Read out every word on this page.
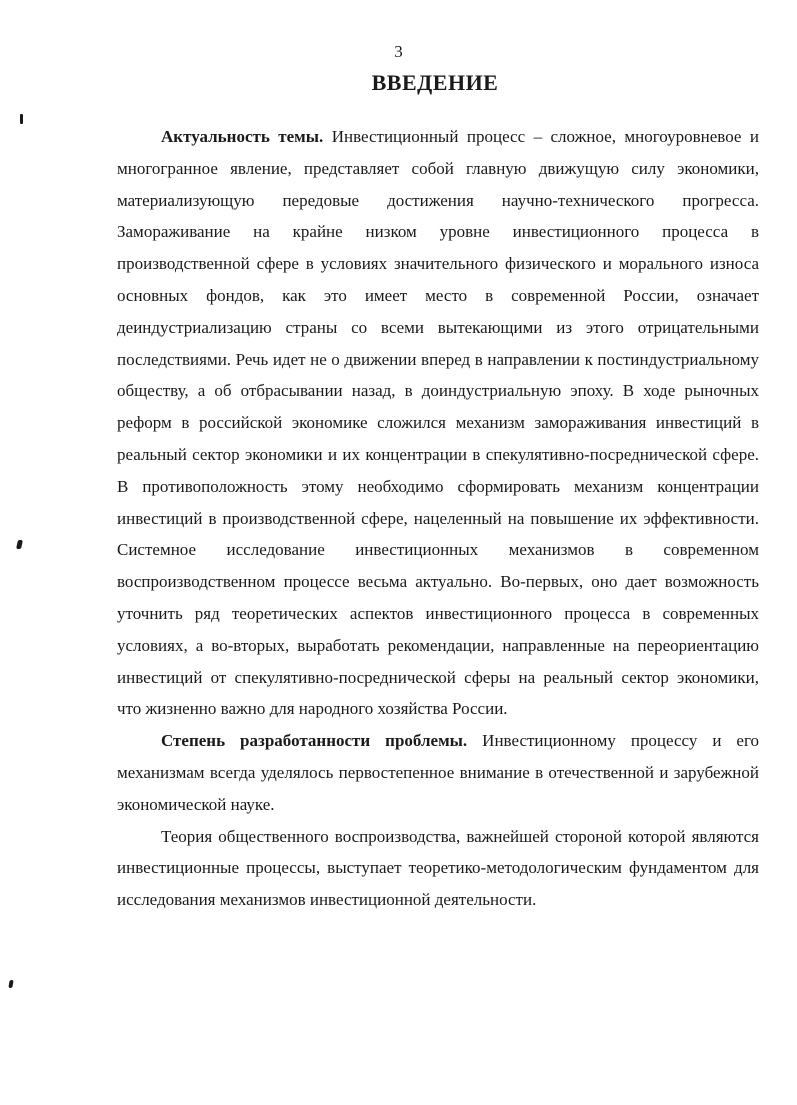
3
ВВЕДЕНИЕ

Актуальность темы. Инвестиционный процесс – сложное, многоуровневое и многогранное явление, представляет собой главную движущую силу экономики, материализующую передовые достижения научно-технического прогресса. Замораживание на крайне низком уровне инвестиционного процесса в производственной сфере в условиях значительного физического и морального износа основных фондов, как это имеет место в современной России, означает деиндустриализацию страны со всеми вытекающими из этого отрицательными последствиями. Речь идет не о движении вперед в направлении к постиндустриальному обществу, а об отбрасывании назад, в доиндустриальную эпоху. В ходе рыночных реформ в российской экономике сложился механизм замораживания инвестиций в реальный сектор экономики и их концентрации в спекулятивно-посреднической сфере. В противоположность этому необходимо сформировать механизм концентрации инвестиций в производственной сфере, нацеленный на повышение их эффективности. Системное исследование инвестиционных механизмов в современном воспроизводственном процессе весьма актуально. Во-первых, оно дает возможность уточнить ряд теоретических аспектов инвестиционного процесса в современных условиях, а во-вторых, выработать рекомендации, направленные на переориентацию инвестиций от спекулятивно-посреднической сферы на реальный сектор экономики, что жизненно важно для народного хозяйства России.

Степень разработанности проблемы. Инвестиционному процессу и его механизмам всегда уделялось первостепенное внимание в отечественной и зарубежной экономической науке.

Теория общественного воспроизводства, важнейшей стороной которой являются инвестиционные процессы, выступает теоретико-методологическим фундаментом для исследования механизмов инвестиционной деятельности.
